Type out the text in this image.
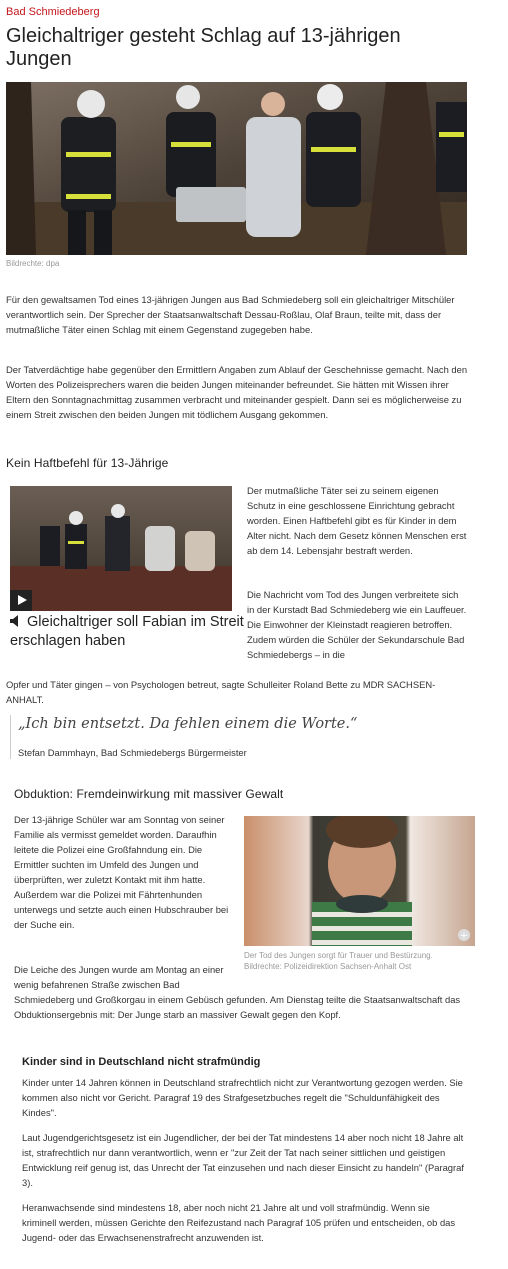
Bad Schmiedeberg
Gleichaltriger gesteht Schlag auf 13-jährigen Jungen
Bildrechte: dpa

Für den gewaltsamen Tod eines 13-jährigen Jungen aus Bad Schmiedeberg soll ein gleichaltriger Mitschüler verantwortlich sein. Der Sprecher der Staatsanwaltschaft Dessau-Roßlau, Olaf Braun, teilte mit, dass der mutmaßliche Täter einen Schlag mit einem Gegenstand zugegeben habe.

Der Tatverdächtige habe gegenüber den Ermittlern Angaben zum Ablauf der Geschehnisse gemacht. Nach den Worten des Polizeisprechers waren die beiden Jungen miteinander befreundet. Sie hätten mit Wissen ihrer Eltern den Sonntagnachmittag zusammen verbracht und miteinander gespielt. Dann sei es möglicherweise zu einem Streit zwischen den beiden Jungen mit tödlichem Ausgang gekommen.

Kein Haftbefehl für 13-Jährige
Gleichaltriger soll Fabian im Streit erschlagen haben

Der mutmaßliche Täter sei zu seinem eigenen Schutz in eine geschlossene Einrichtung gebracht worden. Einen Haftbefehl gibt es für Kinder in dem Alter nicht. Nach dem Gesetz können Menschen erst ab dem 14. Lebensjahr bestraft werden.

Die Nachricht vom Tod des Jungen verbreitete sich in der Kurstadt Bad Schmiedeberg wie ein Lauffeuer. Die Einwohner der Kleinstadt reagieren betroffen. Zudem würden die Schüler der Sekundarschule Bad Schmiedebergs – in die

Opfer und Täter gingen – von Psychologen betreut, sagte Schulleiter Roland Bette zu MDR SACHSEN-ANHALT.

„Ich bin entsetzt. Da fehlen einem die Worte.“
Stefan Dammhayn, Bad Schmiedebergs Bürgermeister
Obduktion: Fremdeinwirkung mit massiver Gewalt

Der 13-jährige Schüler war am Sonntag von seiner Familie als vermisst gemeldet worden. Daraufhin leitete die Polizei eine Großfahndung ein. Die Ermittler suchten im Umfeld des Jungen und überprüften, wer zuletzt Kontakt mit ihm hatte. Außerdem war die Polizei mit Fährtenhunden unterwegs und setzte auch einen Hubschrauber bei der Suche ein.

Die Leiche des Jungen wurde am Montag an einer wenig befahrenen Straße zwischen Bad

Schmiedeberg und Großkorgau in einem Gebüsch gefunden. Am Dienstag teilte die Staatsanwaltschaft das Obduktionsergebnis mit: Der Junge starb an massiver Gewalt gegen den Kopf.

+
Der Tod des Jungen sorgt für Trauer und Bestürzung.
Bildrechte: Polizeidirektion Sachsen-Anhalt Ost
Kinder sind in Deutschland nicht strafmündig

Kinder unter 14 Jahren können in Deutschland strafrechtlich nicht zur Verantwortung gezogen werden. Sie kommen also nicht vor Gericht. Paragraf 19 des Strafgesetzbuches regelt die "Schuldunfähigkeit des Kindes".

Laut Jugendgerichtsgesetz ist ein Jugendlicher, der bei der Tat mindestens 14 aber noch nicht 18 Jahre alt ist, strafrechtlich nur dann verantwortlich, wenn er "zur Zeit der Tat nach seiner sittlichen und geistigen Entwicklung reif genug ist, das Unrecht der Tat einzusehen und nach dieser Einsicht zu handeln" (Paragraf 3).

Heranwachsende sind mindestens 18, aber noch nicht 21 Jahre alt und voll strafmündig. Wenn sie kriminell werden, müssen Gerichte den Reifezustand nach Paragraf 105 prüfen und entscheiden, ob das Jugend- oder das Erwachsenenstrafrecht anzuwenden ist.
